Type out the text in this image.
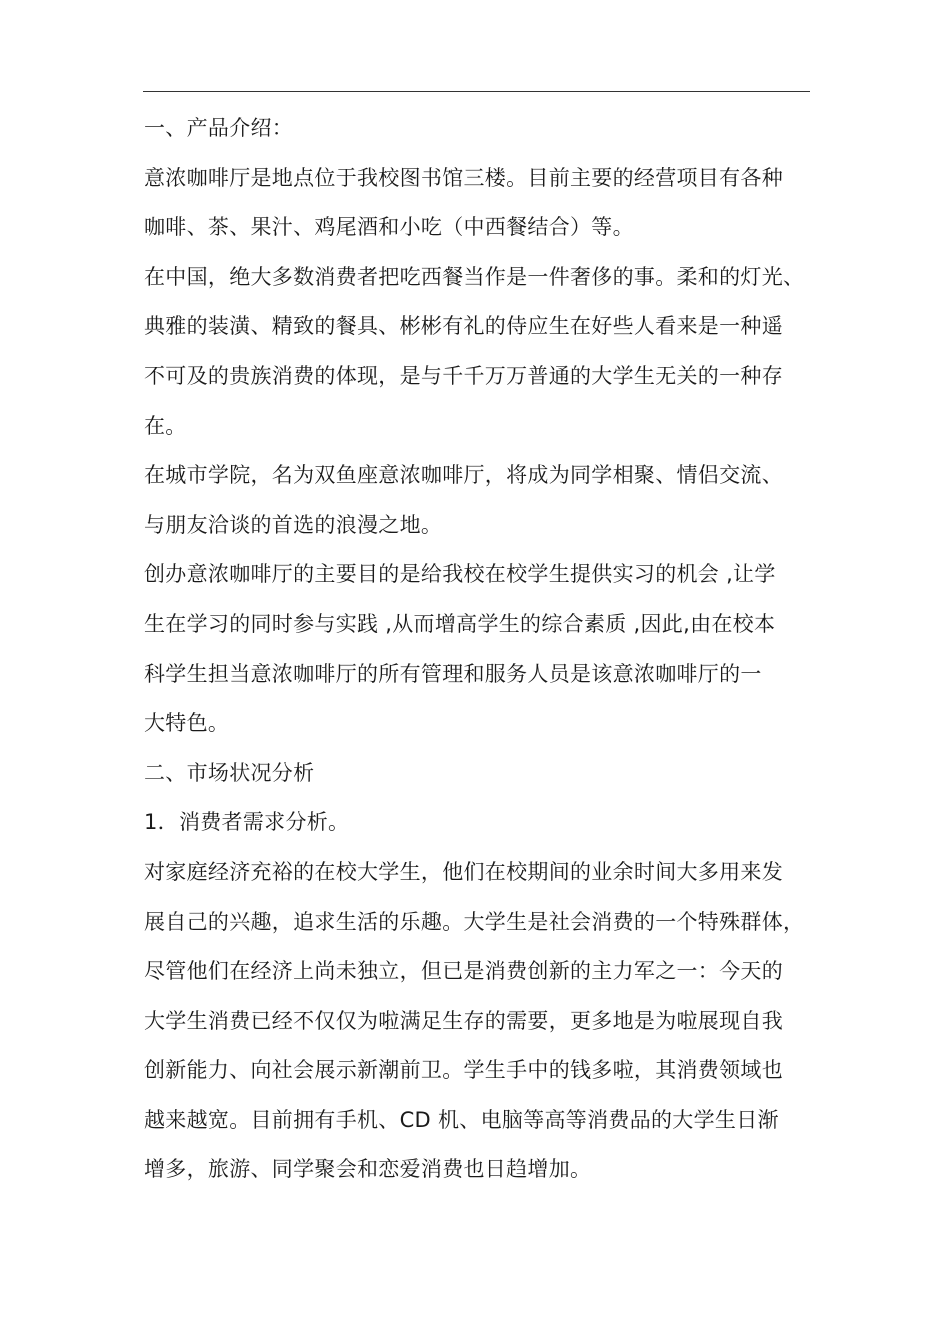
一、产品介绍：
意浓咖啡厅是地点位于我校图书馆三楼。目前主要的经营项目有各种
咖啡、茶、果汁、鸡尾酒和小吃（中西餐结合）等。
在中国，绝大多数消费者把吃西餐当作是一件奢侈的事。柔和的灯光、
典雅的装潢、精致的餐具、彬彬有礼的侍应生在好些人看来是一种遥
不可及的贵族消费的体现，是与千千万万普通的大学生无关的一种存
在。
在城市学院，名为双鱼座意浓咖啡厅，将成为同学相聚、情侣交流、
与朋友洽谈的首选的浪漫之地。
创办意浓咖啡厅的主要目的是给我校在校学生提供实习的机会 ,让学
生在学习的同时参与实践 ,从而增高学生的综合素质 ,因此,由在校本
科学生担当意浓咖啡厅的所有管理和服务人员是该意浓咖啡厅的一
大特色。
二、市场状况分析
1．消费者需求分析。
对家庭经济充裕的在校大学生，他们在校期间的业余时间大多用来发
展自己的兴趣，追求生活的乐趣。大学生是社会消费的一个特殊群体，
尽管他们在经济上尚未独立，但已是消费创新的主力军之一：今天的
大学生消费已经不仅仅为啦满足生存的需要，更多地是为啦展现自我
创新能力、向社会展示新潮前卫。学生手中的钱多啦，其消费领域也
越来越宽。目前拥有手机、CD 机、电脑等高等消费品的大学生日渐
增多，旅游、同学聚会和恋爱消费也日趋增加。
